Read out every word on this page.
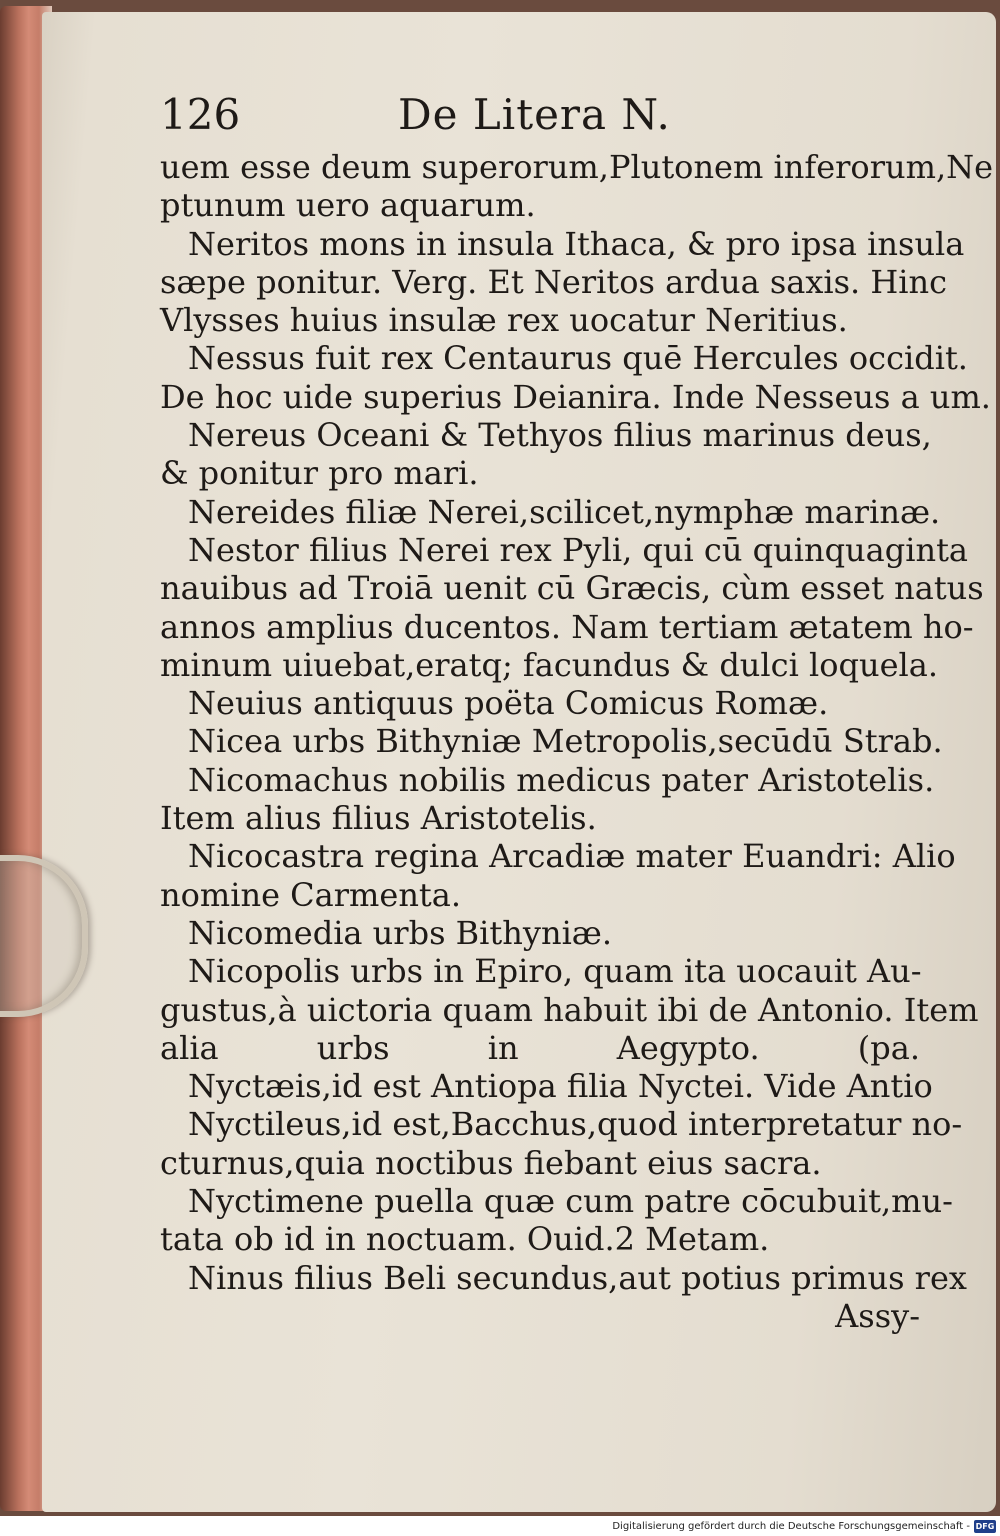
126	De Litera N.
uem esse deum superorum,Plutonem inferorum,Ne
ptunum uero aquarum.
Neritos mons in insula Ithaca, & pro ipsa insula
sæpe ponitur. Verg. Et Neritos ardua saxis. Hinc
Vlysses huius insulæ rex uocatur Neritius.
Nessus fuit rex Centaurus quē Hercules occidit.
De hoc uide superius Deianira. Inde Nesseus a um.
Nereus Oceani & Tethyos filius marinus deus,
& ponitur pro mari.
Nereides filiæ Nerei,scilicet,nymphæ marinæ.
Nestor filius Nerei rex Pyli, qui cū quinquaginta
nauibus ad Troiā uenit cū Græcis, cùm esset natus
annos amplius ducentos. Nam tertiam ætatem ho-
minum uiuebat,eratq; facundus & dulci loquela.
Neuius antiquus poëta Comicus Romæ.
Nicea urbs Bithyniæ Metropolis,secūdū Strab.
Nicomachus nobilis medicus pater Aristotelis.
Item alius filius Aristotelis.
Nicocastra regina Arcadiæ mater Euandri: Alio
nomine Carmenta.
Nicomedia urbs Bithyniæ.
Nicopolis urbs in Epiro, quam ita uocauit Au-
gustus,à uictoria quam habuit ibi de Antonio. Item
alia urbs in Aegypto. (pa.
Nyctæis,id est Antiopa filia Nyctei. Vide Antio
Nyctileus,id est,Bacchus,quod interpretatur no-
cturnus,quia noctibus fiebant eius sacra.
Nyctimene puella quæ cum patre cōcubuit,mu-
tata ob id in noctuam. Ouid.2 Metam.
Ninus filius Beli secundus,aut potius primus rex
Assy-
Digitalisierung gefördert durch die Deutsche Forschungsgemeinschaft - DFG
